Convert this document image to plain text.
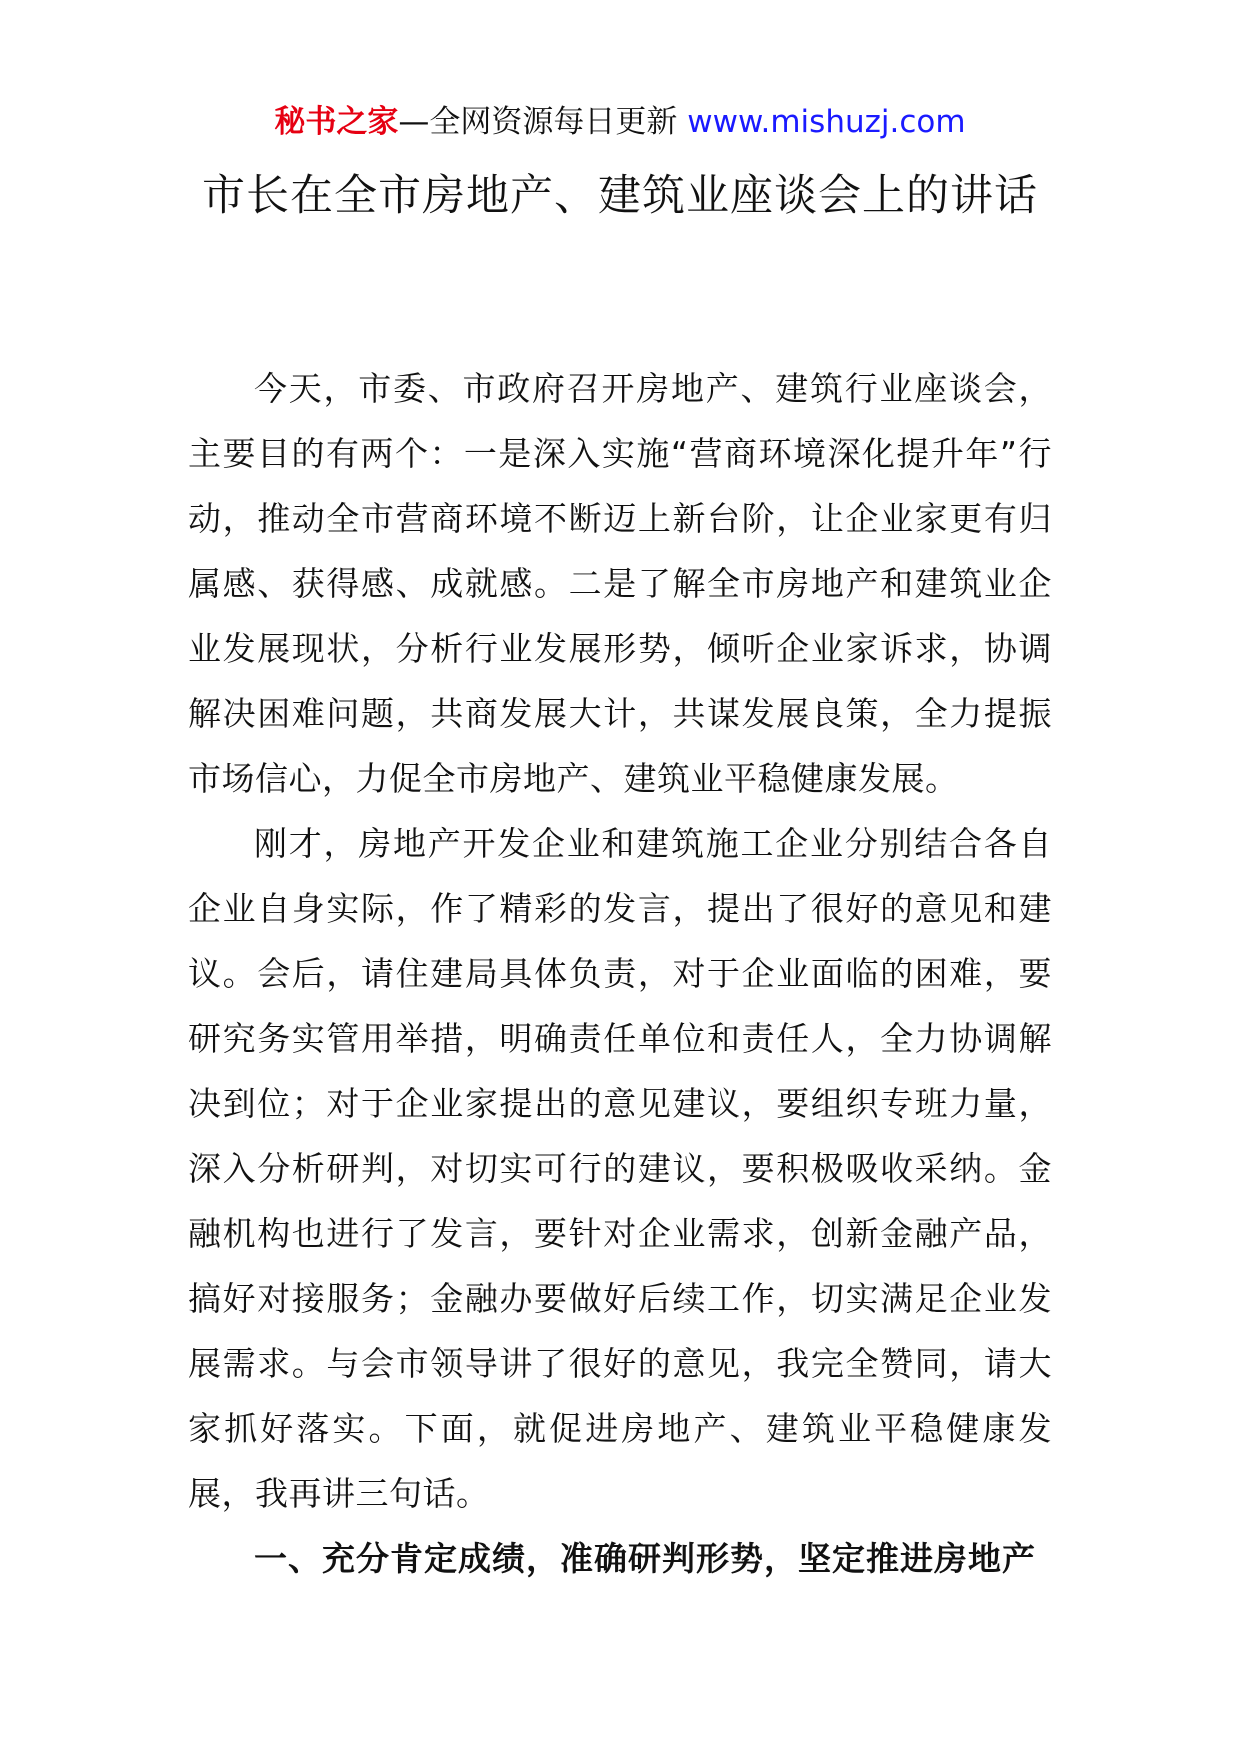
秘书之家—全网资源每日更新 www.mishuzj.com
市长在全市房地产、建筑业座谈会上的讲话

今天，市委、市政府召开房地产、建筑行业座谈会，主要目的有两个：一是深入实施“营商环境深化提升年”行动，推动全市营商环境不断迈上新台阶，让企业家更有归属感、获得感、成就感。二是了解全市房地产和建筑业企业发展现状，分析行业发展形势，倾听企业家诉求，协调解决困难问题，共商发展大计，共谋发展良策，全力提振市场信心，力促全市房地产、建筑业平稳健康发展。

刚才，房地产开发企业和建筑施工企业分别结合各自企业自身实际，作了精彩的发言，提出了很好的意见和建议。会后，请住建局具体负责，对于企业面临的困难，要研究务实管用举措，明确责任单位和责任人，全力协调解决到位；对于企业家提出的意见建议，要组织专班力量，深入分析研判，对切实可行的建议，要积极吸收采纳。金融机构也进行了发言，要针对企业需求，创新金融产品，搞好对接服务；金融办要做好后续工作，切实满足企业发展需求。与会市领导讲了很好的意见，我完全赞同，请大家抓好落实。下面，就促进房地产、建筑业平稳健康发展，我再讲三句话。

一、充分肯定成绩，准确研判形势，坚定推进房地产
